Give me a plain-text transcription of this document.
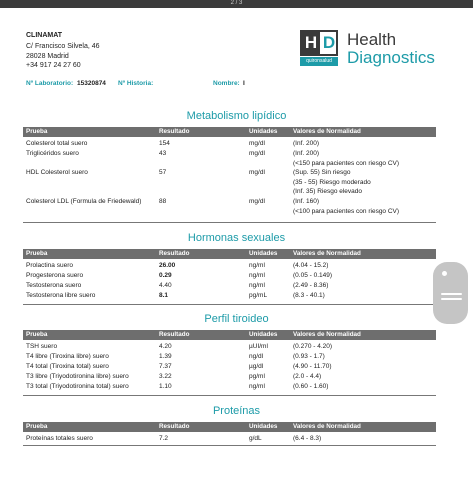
2 / 3
CLINAMAT
C/ Francisco Silvela, 46
28028 Madrid
+34 917 24 27 60
H D
quironsalud
Health
Diagnostics
Nº Laboratorio: 15320874 Nº Historia:	Nombre: I
Metabolismo lipídico
Prueba	Resultado	Unidades Valores de Normalidad
Colesterol total suero	154	mg/dl	(Inf. 200)
Triglicéridos suero	43	mg/dl	(Inf. 200)
(<150 para pacientes con riesgo CV)
HDL Colesterol suero	57	mg/dl	(Sup. 55) Sin riesgo
(35 - 55) Riesgo moderado
(Inf. 35) Riesgo elevado
Colesterol LDL (Formula de Friedewald)	88	mg/dl	(Inf. 160)
(<100 para pacientes con riesgo CV)
Hormonas sexuales
Prueba	Resultado	Unidades Valores de Normalidad
Prolactina suero	26.00	ng/ml	(4.04 - 15.2)
Progesterona suero	0.29	ng/ml	(0.05 - 0.149)
Testosterona suero	4.40	ng/ml	(2.49 - 8.36)
Testosterona libre suero	8.1	pg/mL	(8.3 - 40.1)
Perfil tiroideo
Prueba	Resultado	Unidades Valores de Normalidad
TSH suero	4.20	µUI/ml	(0.270 - 4.20)
T4 libre (Tiroxina libre) suero	1.39	ng/dl	(0.93 - 1.7)
T4 total (Tiroxina total) suero	7.37	µg/dl	(4.90 - 11.70)
T3 libre (Triyodotironina libre) suero	3.22	pg/ml	(2.0 - 4.4)
T3 total (Triyodotironina total) suero	1.10	ng/ml	(0.60 - 1.60)
Proteínas
Prueba	Resultado	Unidades Valores de Normalidad
Proteínas totales suero	7.2	g/dL	(6.4 - 8.3)
